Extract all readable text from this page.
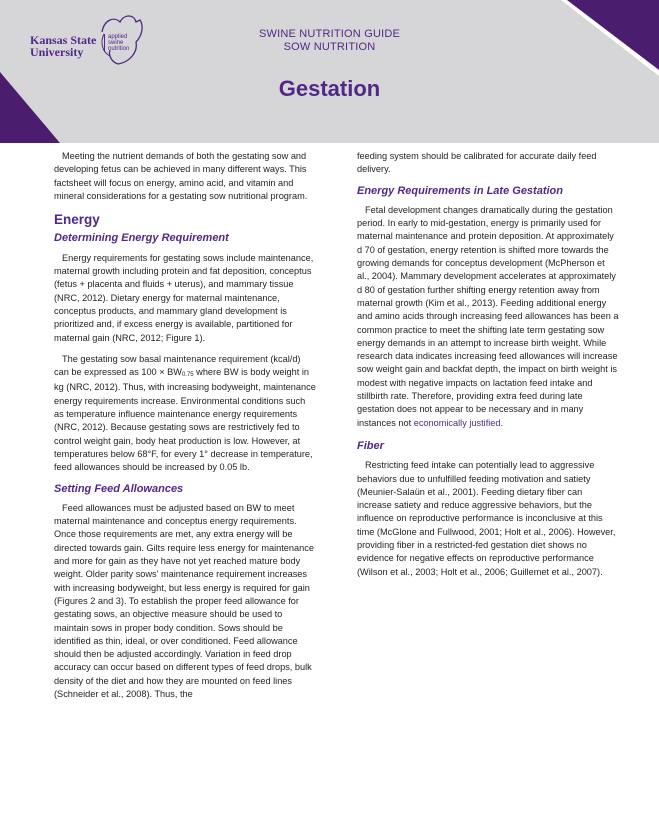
Kansas State
University
applied
swine
nutrition
SWINE NUTRITION GUIDE
SOW NUTRITION
Gestation

Meeting the nutrient demands of both the gestating sow and developing fetus can be achieved in many different ways. This factsheet will focus on energy, amino acid, and vitamin and mineral considerations for a gestating sow nutritional program.

Energy
Determining Energy Requirement

Energy requirements for gestating sows include maintenance, maternal growth including protein and fat deposition, conceptus (fetus + placenta and fluids + uterus), and mammary tissue (NRC, 2012). Dietary energy for maternal maintenance, conceptus products, and mammary gland development is prioritized and, if excess energy is available, partitioned for maternal gain (NRC, 2012; Figure 1).

The gestating sow basal maintenance requirement (kcal/d) can be expressed as $100 \times BW_{0.75}$ where BW is body weight in kg (NRC, 2012). Thus, with increasing bodyweight, maintenance energy requirements increase. Environmental conditions such as temperature influence maintenance energy requirements (NRC, 2012). Because gestating sows are restrictively fed to control weight gain, body heat production is low. However, at temperatures below 68°F, for every 1° decrease in temperature, feed allowances should be increased by 0.05 lb.

Setting Feed Allowances

Feed allowances must be adjusted based on BW to meet maternal maintenance and conceptus energy requirements. Once those requirements are met, any extra energy will be directed towards gain. Gilts require less energy for maintenance and more for gain as they have not yet reached mature body weight. Older parity sows' maintenance requirement increases with increasing bodyweight, but less energy is required for gain (Figures 2 and 3). To establish the proper feed allowance for gestating sows, an objective measure should be used to maintain sows in proper body condition. Sows should be identified as thin, ideal, or over conditioned. Feed allowance should then be adjusted accordingly. Variation in feed drop accuracy can occur based on different types of feed drops, bulk density of the diet and how they are mounted on feed lines (Schneider et al., 2008). Thus, the

feeding system should be calibrated for accurate daily feed delivery.

Energy Requirements in Late Gestation

Fetal development changes dramatically during the gestation period. In early to mid-gestation, energy is primarily used for maternal maintenance and protein deposition. At approximately d 70 of gestation, energy retention is shifted more towards the growing demands for conceptus development (McPherson et al., 2004). Mammary development accelerates at approximately d 80 of gestation further shifting energy retention away from maternal growth (Kim et al., 2013). Feeding additional energy and amino acids through increasing feed allowances has been a common practice to meet the shifting late term gestating sow energy demands in an attempt to increase birth weight. While research data indicates increasing feed allowances will increase sow weight gain and backfat depth, the impact on birth weight is modest with negative impacts on lactation feed intake and stillbirth rate. Therefore, providing extra feed during late gestation does not appear to be necessary and in many instances not economically justified.

Fiber

Restricting feed intake can potentially lead to aggressive behaviors due to unfulfilled feeding motivation and satiety (Meunier-Salaün et al., 2001). Feeding dietary fiber can increase satiety and reduce aggressive behaviors, but the influence on reproductive performance is inconclusive at this time (McGlone and Fullwood, 2001; Holt et al., 2006). However, providing fiber in a restricted-fed gestation diet shows no evidence for negative effects on reproductive performance (Wilson et al., 2003; Holt et al., 2006; Guillemet et al., 2007).
